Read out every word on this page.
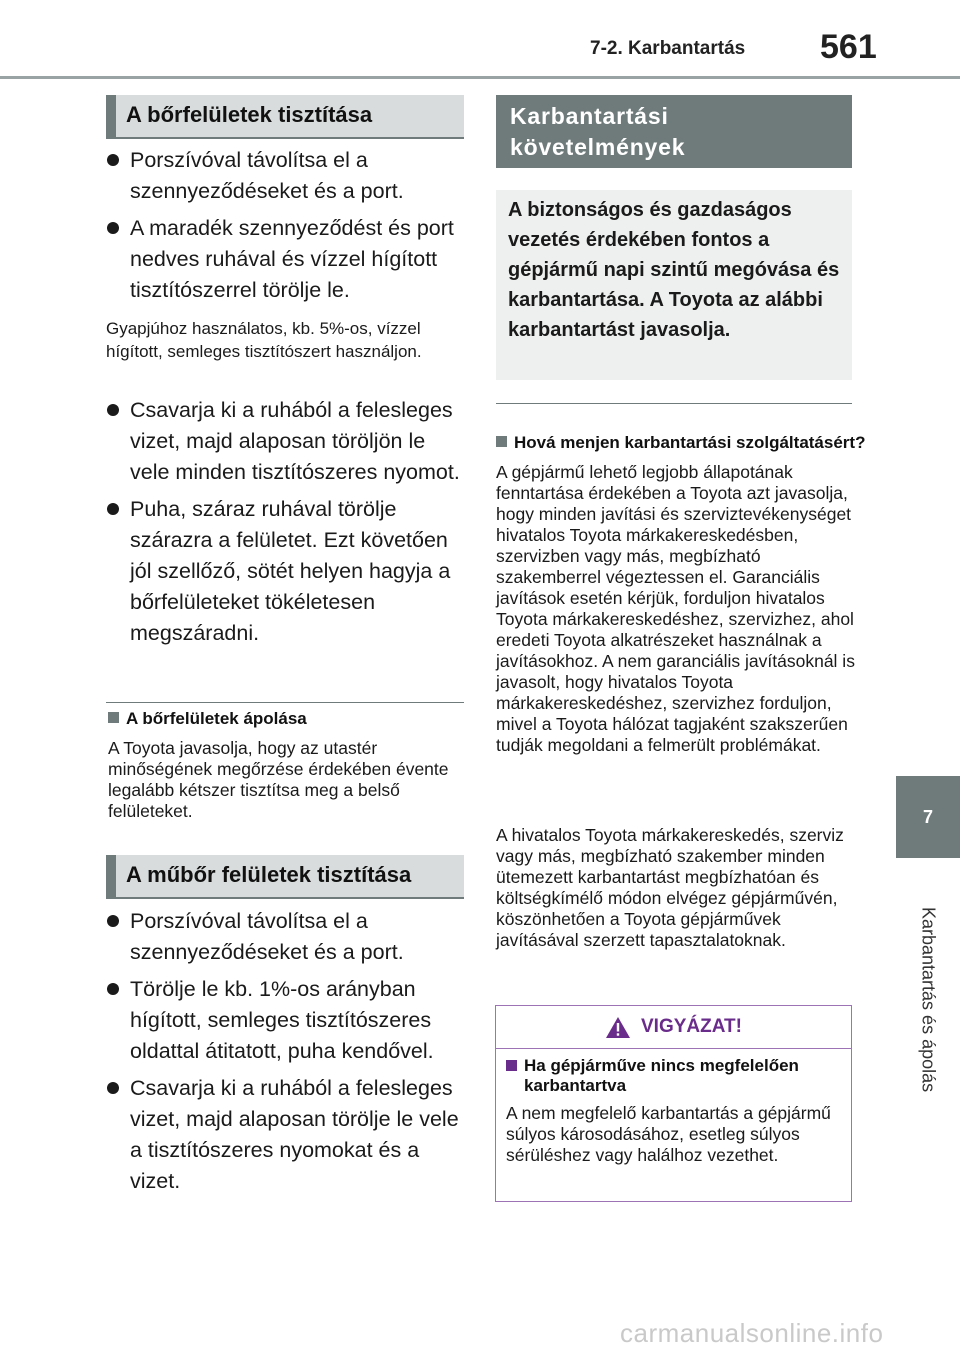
7-2. Karbantartás 561
7
Karbantartás és ápolás
A bőrfelületek tisztítása
Porszívóval távolítsa el a szennyeződéseket és a port.
A maradék szennyeződést és port nedves ruhával és vízzel hígított tisztítószerrel törölje le.
Gyapjúhoz használatos, kb. 5%-os, vízzel hígított, semleges tisztítószert használjon.
Csavarja ki a ruhából a felesleges vizet, majd alaposan töröljön le vele minden tisztítószeres nyomot.
Puha, száraz ruhával törölje szárazra a felületet. Ezt követően jól szellőző, sötét helyen hagyja a bőrfelületeket tökéletesen megszáradni.
A bőrfelületek ápolása

A Toyota javasolja, hogy az utastér minőségének megőrzése érdekében évente legalább kétszer tisztítsa meg a belső felületeket.

A műbőr felületek tisztítása
Porszívóval távolítsa el a szennyeződéseket és a port.
Törölje le kb. 1%-os arányban hígított, semleges tisztítószeres oldattal átitatott, puha kendővel.
Csavarja ki a ruhából a felesleges vizet, majd alaposan törölje le vele a tisztítószeres nyomokat és a vizet.
Karbantartási követelmények

A biztonságos és gazdaságos vezetés érdekében fontos a gépjármű napi szintű megóvása és karbantartása. A Toyota az alábbi karbantartást javasolja.

Hová menjen karbantartási szolgáltatásért?

A gépjármű lehető legjobb állapotának fenntartása érdekében a Toyota azt javasolja, hogy minden javítási és szerviztevékenységet hivatalos Toyota márkakereskedésben, szervizben vagy más, megbízható szakemberrel végeztessen el. Garanciális javítások esetén kérjük, forduljon hivatalos Toyota márkakereskedéshez, szervizhez, ahol eredeti Toyota alkatrészeket használnak a javításokhoz. A nem garanciális javításoknál is javasolt, hogy hivatalos Toyota márkakereskedéshez, szervizhez forduljon, mivel a Toyota hálózat tagjaként szakszerűen tudják megoldani a felmerült problémákat.

A hivatalos Toyota márkakereskedés, szerviz vagy más, megbízható szakember minden ütemezett karbantartást megbízhatóan és költségkímélő módon elvégez gépjárművén, köszönhetően a Toyota gépjárművek javításával szerzett tapasztalatoknak.

VIGYÁZAT!
Ha gépjárműve nincs megfelelően karbantartva

A nem megfelelő karbantartás a gépjármű súlyos károsodásához, esetleg súlyos sérüléshez vagy halálhoz vezethet.

carmanualsonline.info
